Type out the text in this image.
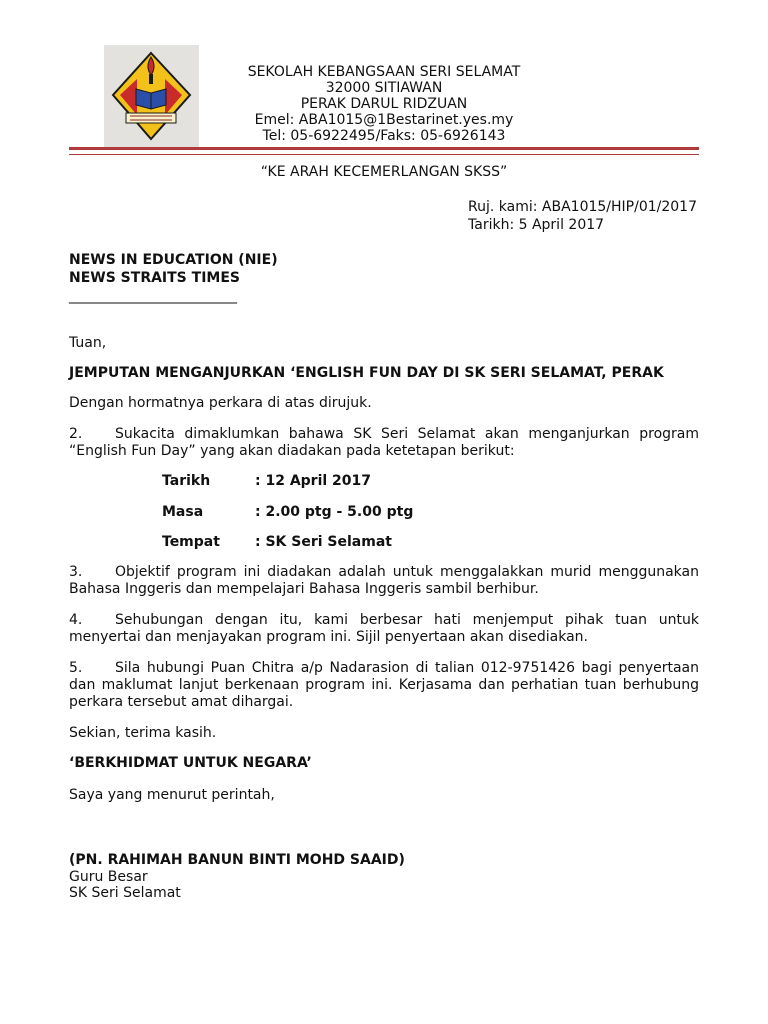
SEKOLAH KEBANGSAAN SERI SELAMAT
32000 SITIAWAN
PERAK DARUL RIDZUAN
Emel: ABA1015@1Bestarinet.yes.my
Tel: 05-6922495/Faks: 05-6926143
“KE ARAH KECEMERLANGAN SKSS”
Ruj. kami: ABA1015/HIP/01/2017
Tarikh: 5 April 2017
NEWS IN EDUCATION (NIE)
NEWS STRAITS TIMES
________________________
Tuan,
JEMPUTAN MENGANJURKAN ‘ENGLISH FUN DAY DI SK SERI SELAMAT, PERAK
Dengan hormatnya perkara di atas dirujuk.
2. Sukacita dimaklumkan bahawa SK Seri Selamat akan menganjurkan program “English Fun Day” yang akan diadakan pada ketetapan berikut:
Tarikh	: 12 April 2017
Masa	: 2.00 ptg - 5.00 ptg
Tempat	: SK Seri Selamat
3. Objektif program ini diadakan adalah untuk menggalakkan murid menggunakan Bahasa Inggeris dan mempelajari Bahasa Inggeris sambil berhibur.
4. Sehubungan dengan itu, kami berbesar hati menjemput pihak tuan untuk menyertai dan menjayakan program ini. Sijil penyertaan akan disediakan.
5. Sila hubungi Puan Chitra a/p Nadarasion di talian 012-9751426 bagi penyertaan dan maklumat lanjut berkenaan program ini. Kerjasama dan perhatian tuan berhubung perkara tersebut amat dihargai.
Sekian, terima kasih.
‘BERKHIDMAT UNTUK NEGARA’
Saya yang menurut perintah,
(PN. RAHIMAH BANUN BINTI MOHD SAAID)
Guru Besar
SK Seri Selamat
